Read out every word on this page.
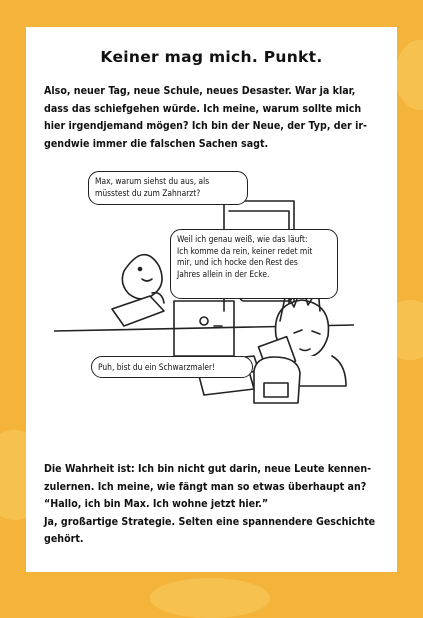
Keiner mag mich. Punkt.

Also, neuer Tag, neue Schule, neues Desaster. War ja klar,
dass das schiefgehen würde. Ich meine, warum sollte mich
hier irgendjemand mögen? Ich bin der Neue, der Typ, der ir-
gendwie immer die falschen Sachen sagt.

Max, warum siehst du aus, als
müsstest du zum Zahnarzt?
Weil ich genau weiß, wie das läuft:
Ich komme da rein, keiner redet mit
mir, und ich hocke den Rest des
Jahres allein in der Ecke.
Puh, bist du ein Schwarzmaler!

Die Wahrheit ist: Ich bin nicht gut darin, neue Leute kennen-
zulernen. Ich meine, wie fängt man so etwas überhaupt an?
“Hallo, ich bin Max. Ich wohne jetzt hier.”
Ja, großartige Strategie. Selten eine spannendere Geschichte
gehört.
